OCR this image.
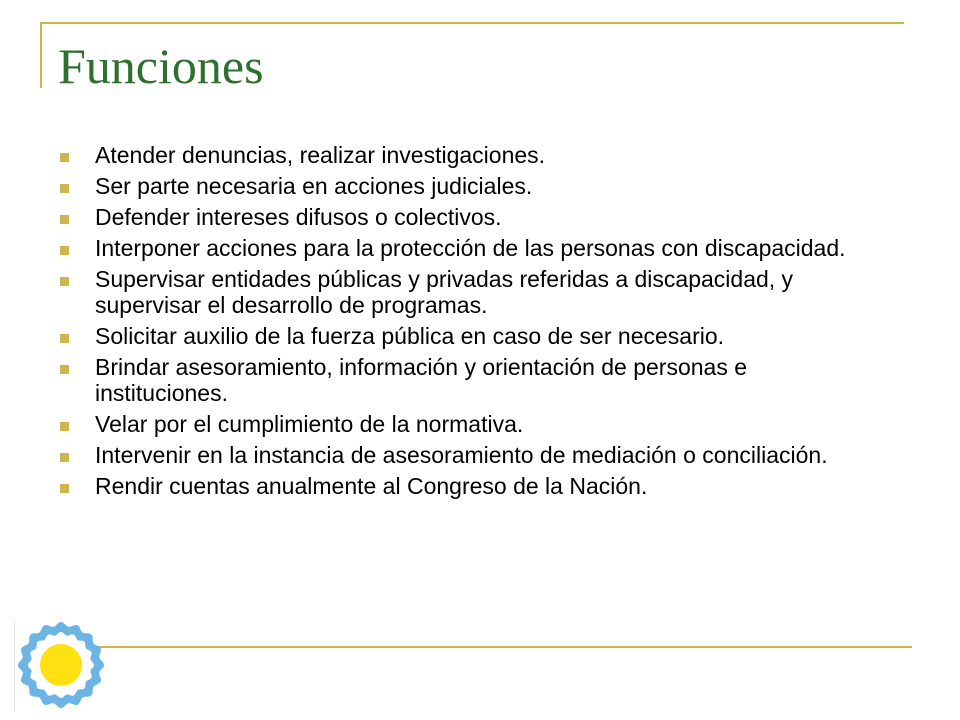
Funciones
Atender denuncias, realizar investigaciones.
Ser parte necesaria en acciones judiciales.
Defender intereses difusos o colectivos.
Interponer acciones para la protección de las personas con discapacidad.
Supervisar entidades públicas y privadas referidas a discapacidad, y supervisar el desarrollo de programas.
Solicitar auxilio de la fuerza pública en caso de ser necesario.
Brindar asesoramiento, información y orientación de personas e instituciones.
Velar por el cumplimiento de la normativa.
Intervenir en la instancia de asesoramiento de mediación o conciliación.
Rendir cuentas anualmente al Congreso de la Nación.
